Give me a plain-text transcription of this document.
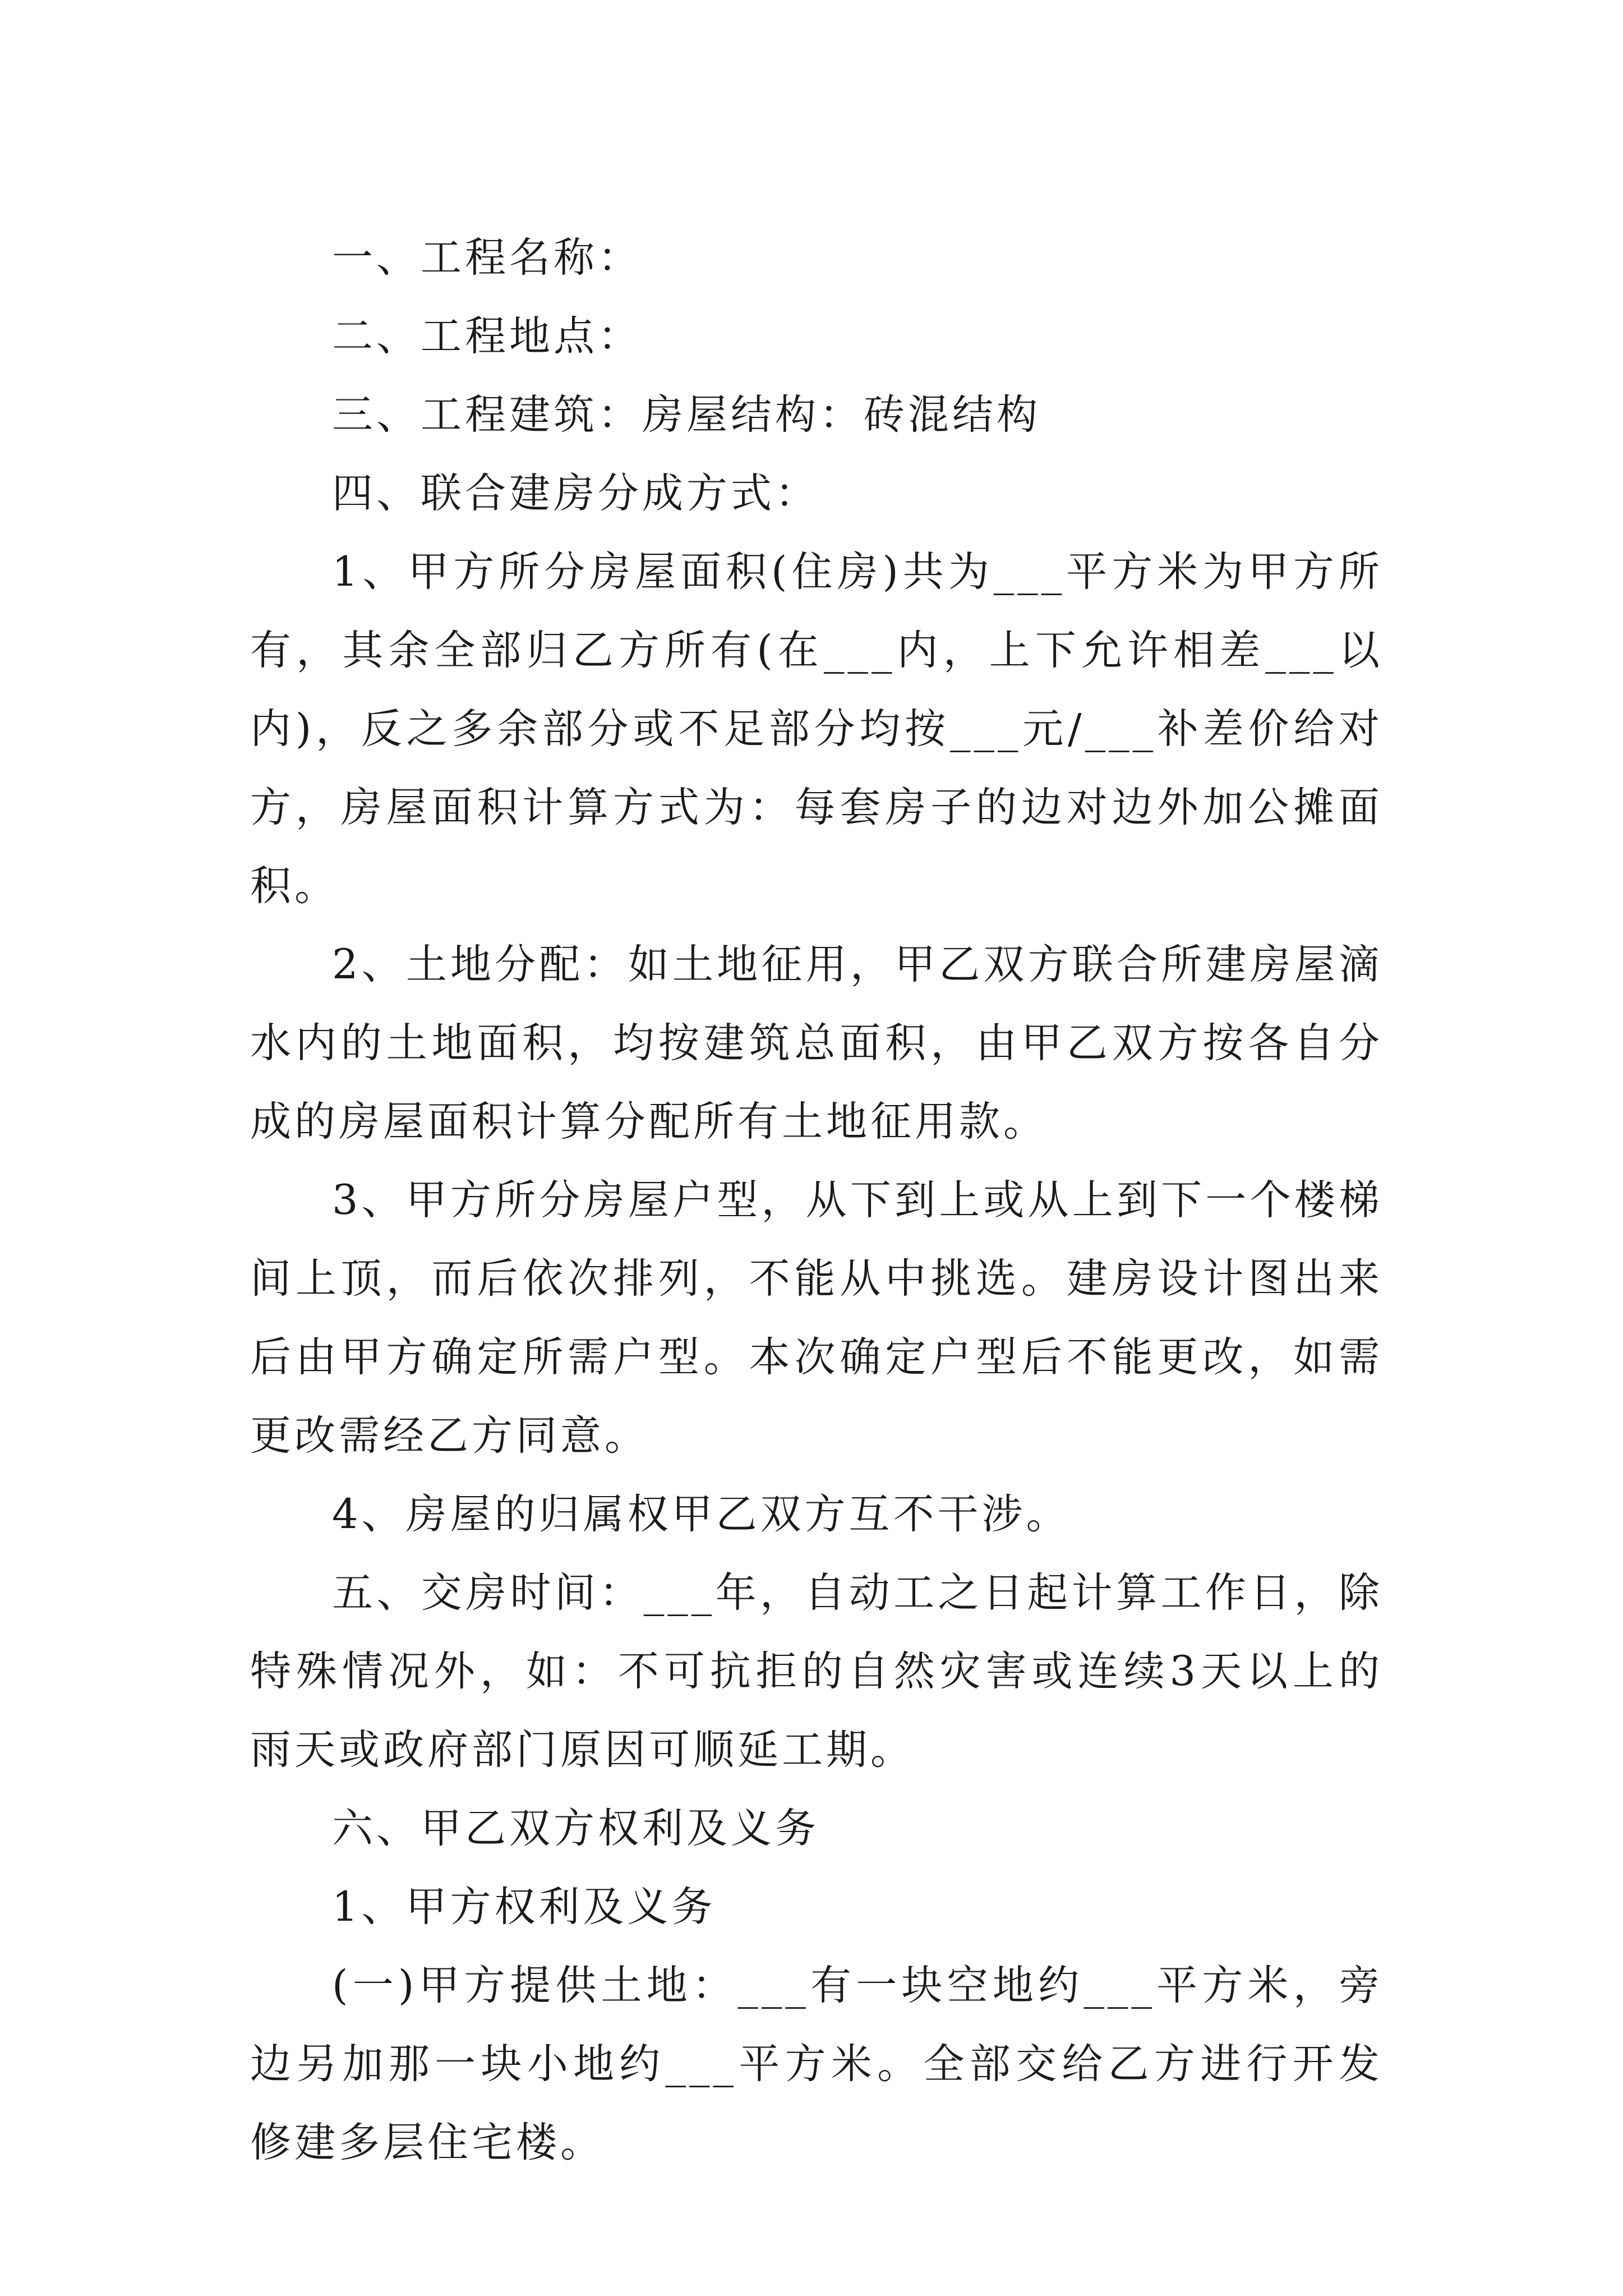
一、工程名称：

二、工程地点：

三、工程建筑：房屋结构：砖混结构

四、联合建房分成方式：

1、甲方所分房屋面积(住房)共为___平方米为甲方所有，其余全部归乙方所有(在___内，上下允许相差___以内)，反之多余部分或不足部分均按___元/___补差价给对方，房屋面积计算方式为：每套房子的边对边外加公摊面积。

2、土地分配：如土地征用，甲乙双方联合所建房屋滴水内的土地面积，均按建筑总面积，由甲乙双方按各自分成的房屋面积计算分配所有土地征用款。

3、甲方所分房屋户型，从下到上或从上到下一个楼梯间上顶，而后依次排列，不能从中挑选。建房设计图出来后由甲方确定所需户型。本次确定户型后不能更改，如需更改需经乙方同意。

4、房屋的归属权甲乙双方互不干涉。

五、交房时间：___年，自动工之日起计算工作日，除特殊情况外，如：不可抗拒的自然灾害或连续3天以上的雨天或政府部门原因可顺延工期。

六、甲乙双方权利及义务

1、甲方权利及义务

(一)甲方提供土地：___有一块空地约___平方米，旁边另加那一块小地约___平方米。全部交给乙方进行开发修建多层住宅楼。
